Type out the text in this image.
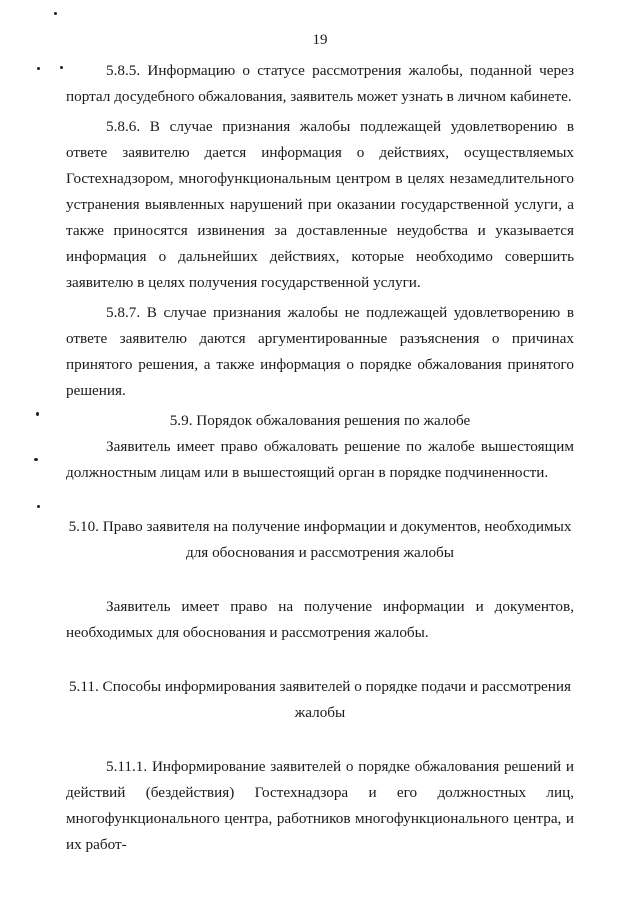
19

5.8.5. Информацию о статусе рассмотрения жалобы, поданной через портал досудебного обжалования, заявитель может узнать в личном кабинете.

5.8.6. В случае признания жалобы подлежащей удовлетворению в ответе заявителю дается информация о действиях, осуществляемых Гостехнадзором, многофункциональным центром в целях незамедлительного устранения выявленных нарушений при оказании государственной услуги, а также приносятся извинения за доставленные неудобства и указывается информация о дальнейших действиях, которые необходимо совершить заявителю в целях получения государственной услуги.

5.8.7. В случае признания жалобы не подлежащей удовлетворению в ответе заявителю даются аргументированные разъяснения о причинах принятого решения, а также информация о порядке обжалования принятого решения.

5.9. Порядок обжалования решения по жалобе

Заявитель имеет право обжаловать решение по жалобе вышестоящим должностным лицам или в вышестоящий орган в порядке подчиненности.

5.10. Право заявителя на получение информации и документов, необходимых для обоснования и рассмотрения жалобы

Заявитель имеет право на получение информации и документов, необходимых для обоснования и рассмотрения жалобы.

5.11. Способы информирования заявителей о порядке подачи и рассмотрения жалобы

5.11.1. Информирование заявителей о порядке обжалования решений и действий (бездействия) Гостехнадзора и его должностных лиц, многофункционального центра, работников многофункционального центра, и их работ-
